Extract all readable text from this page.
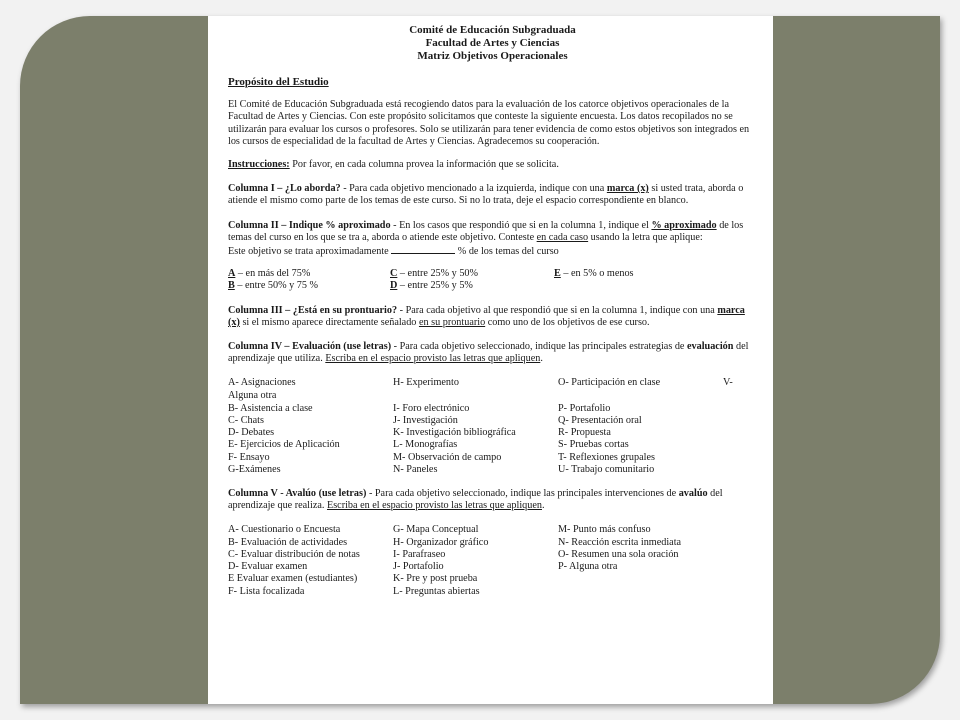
Comité de Educación Subgraduada
Facultad de Artes y Ciencias
Matriz Objetivos Operacionales
Propósito del Estudio

El Comité de Educación Subgraduada está recogiendo datos para la evaluación de los catorce objetivos operacionales de la Facultad de Artes y Ciencias. Con este propósito solicitamos que conteste la siguiente encuesta. Los datos recopilados no se utilizarán para evaluar los cursos o profesores. Solo se utilizarán para tener evidencia de como estos objetivos son integrados en los cursos de especialidad de la facultad de Artes y Ciencias. Agradecemos su cooperación.

Instrucciones: Por favor, en cada columna provea la información que se solicita.

Columna I – ¿Lo aborda? - Para cada objetivo mencionado a la izquierda, indique con una marca (x) si usted trata, aborda o atiende el mismo como parte de los temas de este curso. Si no lo trata, deje el espacio correspondiente en blanco.

Columna II – Indique % aproximado - En los casos que respondió que si en la columna 1, indique el % aproximado de los temas del curso en los que se tra a, aborda o atiende este objetivo. Conteste en cada caso usando la letra que aplique:

Este objetivo se trata aproximadamente	% de los temas del curso

A – en más del 75%	C – entre 25% y 50%	E – en 5% o menos
B – entre 50% y 75 %	D – entre 25% y 5%

Columna III – ¿Está en su prontuario? - Para cada objetivo al que respondió que si en la columna 1, indique con una marca (x) si el mismo aparece directamente señalado en su prontuario como uno de los objetivos de ese curso.

Columna IV – Evaluación (use letras) - Para cada objetivo seleccionado, indique las principales estrategias de evaluación del aprendizaje que utiliza. Escriba en el espacio provisto las letras que apliquen.

A- Asignaciones	H- Experimento	O- Participación en clase	V-
Alguna otra
B- Asistencia a clase	I- Foro electrónico	P- Portafolio
C- Chats	J- Investigación	Q- Presentación oral
D- Debates	K- Investigación bibliográfica	R- Propuesta
E- Ejercicios de Aplicación	L- Monografías	S- Pruebas cortas
F- Ensayo	M- Observación de campo	T- Reflexiones grupales
G-Exámenes	N- Paneles	U- Trabajo comunitario

Columna V - Avalúo (use letras) - Para cada objetivo seleccionado, indique las principales intervenciones de avalúo del aprendizaje que realiza. Escriba en el espacio provisto las letras que apliquen.

A- Cuestionario o Encuesta	G- Mapa Conceptual	M- Punto más confuso
B- Evaluación de actividades	H- Organizador gráfico	N- Reacción escrita inmediata
C- Evaluar distribución de notas	I- Parafraseo	O- Resumen una sola oración
D- Evaluar examen	J- Portafolio	P- Alguna otra
E Evaluar examen (estudiantes)	K- Pre y post prueba
F- Lista focalizada	L- Preguntas abiertas
